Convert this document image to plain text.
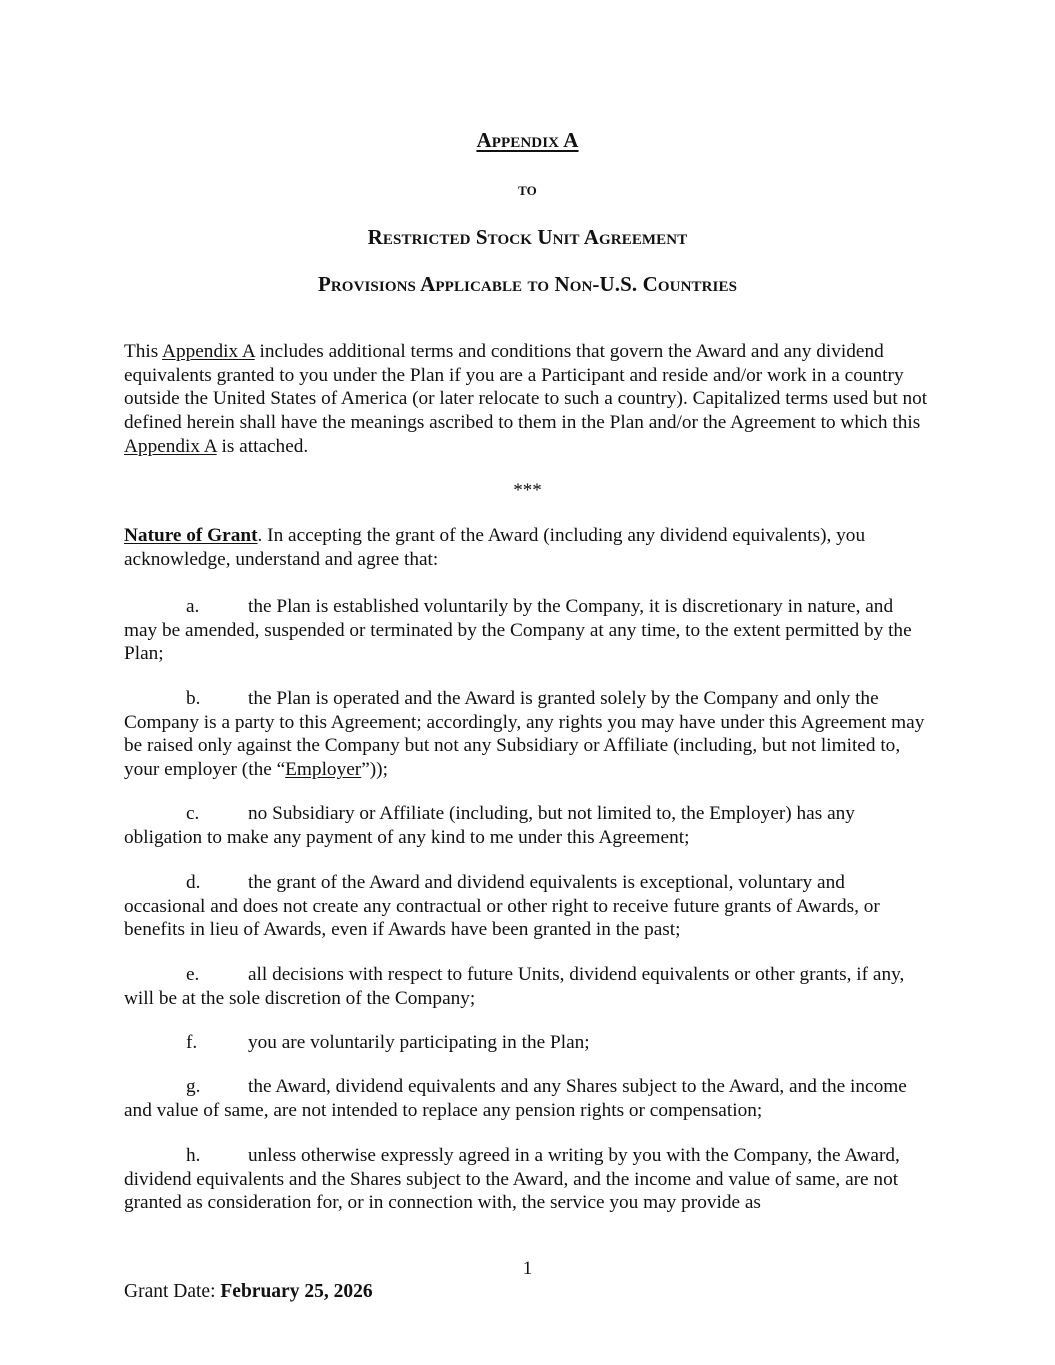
Appendix A
to
Restricted Stock Unit Agreement
Provisions Applicable to Non-U.S. Countries
This Appendix A includes additional terms and conditions that govern the Award and any dividend equivalents granted to you under the Plan if you are a Participant and reside and/or work in a country outside the United States of America (or later relocate to such a country). Capitalized terms used but not defined herein shall have the meanings ascribed to them in the Plan and/or the Agreement to which this Appendix A is attached.
***
Nature of Grant. In accepting the grant of the Award (including any dividend equivalents), you acknowledge, understand and agree that:
a.	the Plan is established voluntarily by the Company, it is discretionary in nature, and may be amended, suspended or terminated by the Company at any time, to the extent permitted by the Plan;
b. the Plan is operated and the Award is granted solely by the Company and only the Company is a party to this Agreement; accordingly, any rights you may have under this Agreement may be raised only against the Company but not any Subsidiary or Affiliate (including, but not limited to, your employer (the “Employer”));
c.	no Subsidiary or Affiliate (including, but not limited to, the Employer) has any obligation to make any payment of any kind to me under this Agreement;
d. the grant of the Award and dividend equivalents is exceptional, voluntary and occasional and does not create any contractual or other right to receive future grants of Awards, or benefits in lieu of Awards, even if Awards have been granted in the past;
e.	all decisions with respect to future Units, dividend equivalents or other grants, if any, will be at the sole discretion of the Company;
f.	you are voluntarily participating in the Plan;
g. the Award, dividend equivalents and any Shares subject to the Award, and the income and value of same, are not intended to replace any pension rights or compensation;
h. unless otherwise expressly agreed in a writing by you with the Company, the Award, dividend equivalents and the Shares subject to the Award, and the income and value of same, are not granted as consideration for, or in connection with, the service you may provide as
1
Grant Date: February 25, 2026
